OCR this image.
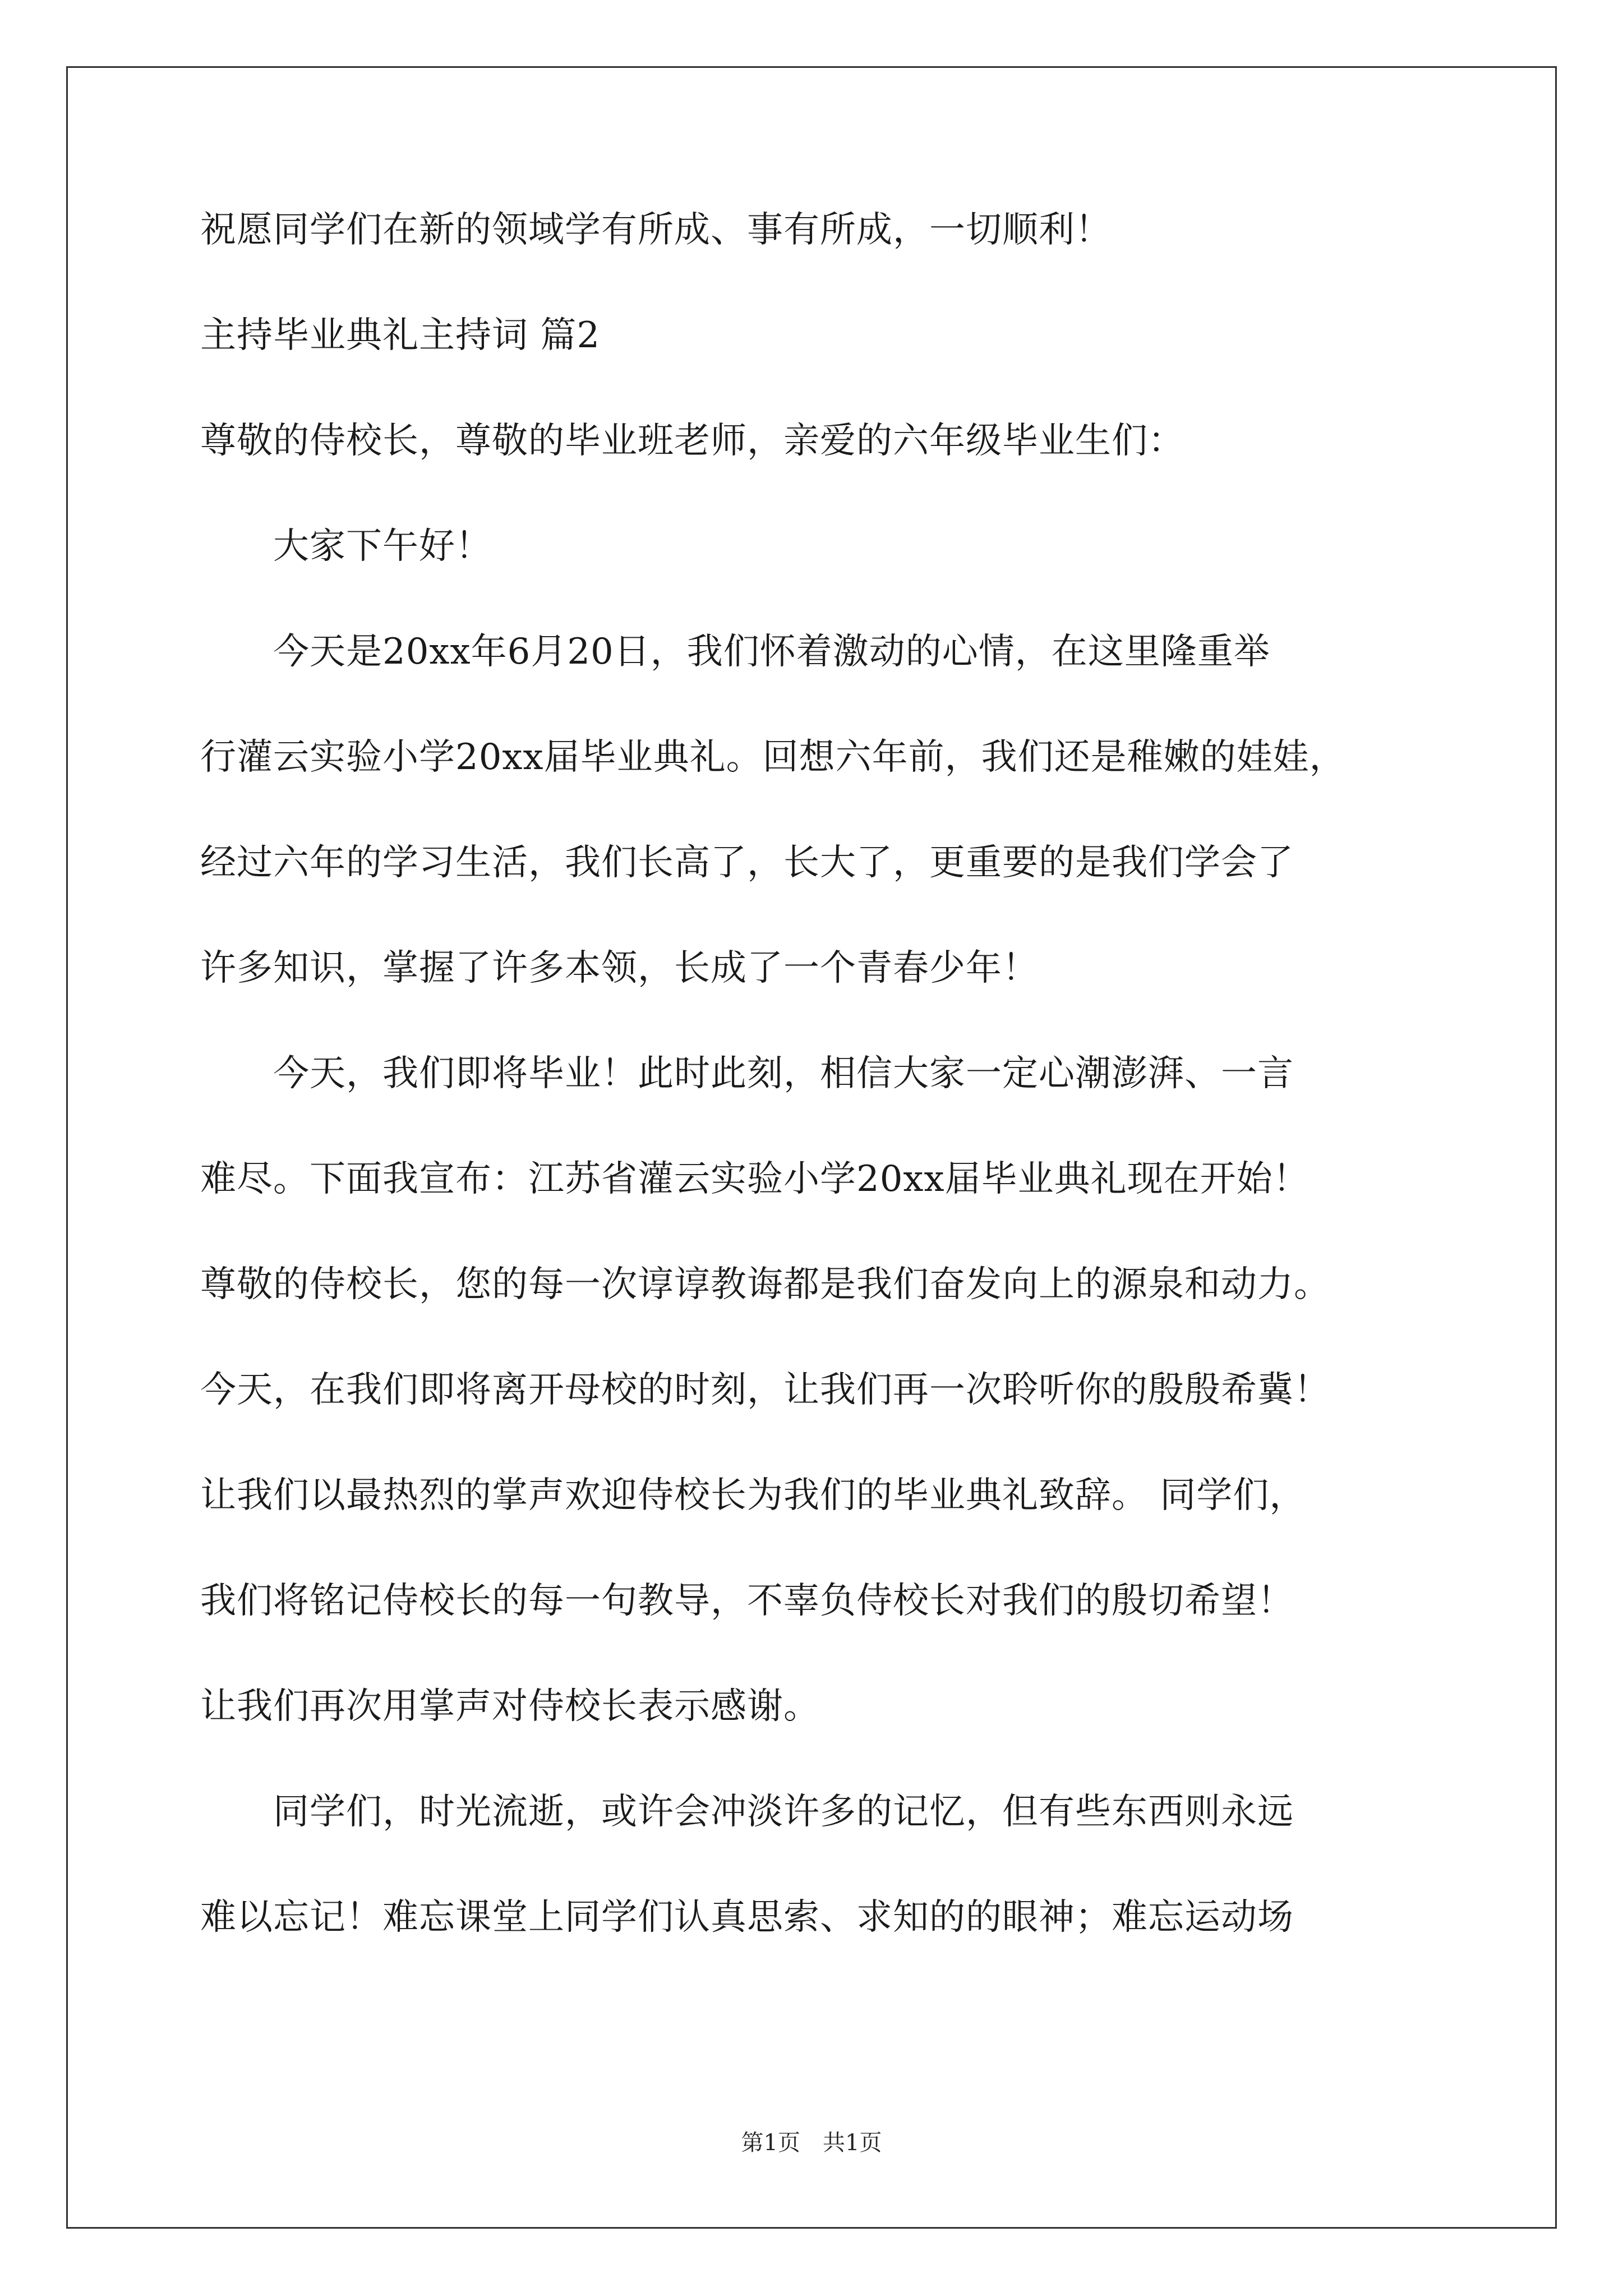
祝愿同学们在新的领域学有所成、事有所成，一切顺利！
主持毕业典礼主持词 篇2
尊敬的侍校长，尊敬的毕业班老师，亲爱的六年级毕业生们：
　　大家下午好！
　　今天是20xx年6月20日，我们怀着激动的心情，在这里隆重举
行灌云实验小学20xx届毕业典礼。回想六年前，我们还是稚嫩的娃娃，
经过六年的学习生活，我们长高了，长大了，更重要的是我们学会了
许多知识，掌握了许多本领，长成了一个青春少年！
　　今天，我们即将毕业！此时此刻，相信大家一定心潮澎湃、一言
难尽。下面我宣布：江苏省灌云实验小学20xx届毕业典礼现在开始！
尊敬的侍校长，您的每一次谆谆教诲都是我们奋发向上的源泉和动力。
今天，在我们即将离开母校的时刻，让我们再一次聆听你的殷殷希冀！
让我们以最热烈的掌声欢迎侍校长为我们的毕业典礼致辞。 同学们，
我们将铭记侍校长的每一句教导，不辜负侍校长对我们的殷切希望！
让我们再次用掌声对侍校长表示感谢。
　　同学们，时光流逝，或许会冲淡许多的记忆，但有些东西则永远
难以忘记！难忘课堂上同学们认真思索、求知的的眼神；难忘运动场
第1页　共1页
